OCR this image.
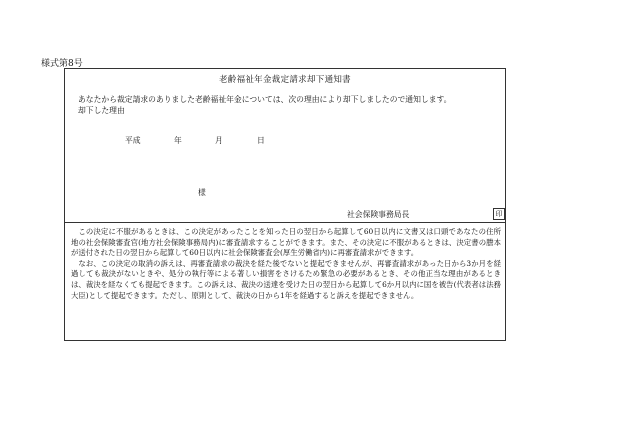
様式第8号
老齢福祉年金裁定請求却下通知書
あなたから裁定請求のありました老齢福祉年金については、次の理由により却下しましたので通知します。
却下した理由
平成	年	月	日
様
社会保険事務局長	印

この決定に不服があるときは、この決定があったことを知った日の翌日から起算して60日以内に文書又は口頭であなたの住所地の社会保険審査官(地方社会保険事務局内)に審査請求することができます。また、その決定に不服があるときは、決定書の謄本が送付された日の翌日から起算して60日以内に社会保険審査会(厚生労働省内)に再審査請求ができます。

なお、この決定の取消の訴えは、再審査請求の裁決を経た後でないと提起できませんが、再審査請求があった日から3か月を経過しても裁決がないときや、処分の執行等による著しい損害をさけるため緊急の必要があるとき、その他正当な理由があるときは、裁決を経なくても提起できます。この訴えは、裁決の送達を受けた日の翌日から起算して6か月以内に国を被告(代表者は法務大臣)として提起できます。ただし、原則として、裁決の日から1年を経過すると訴えを提起できません。
